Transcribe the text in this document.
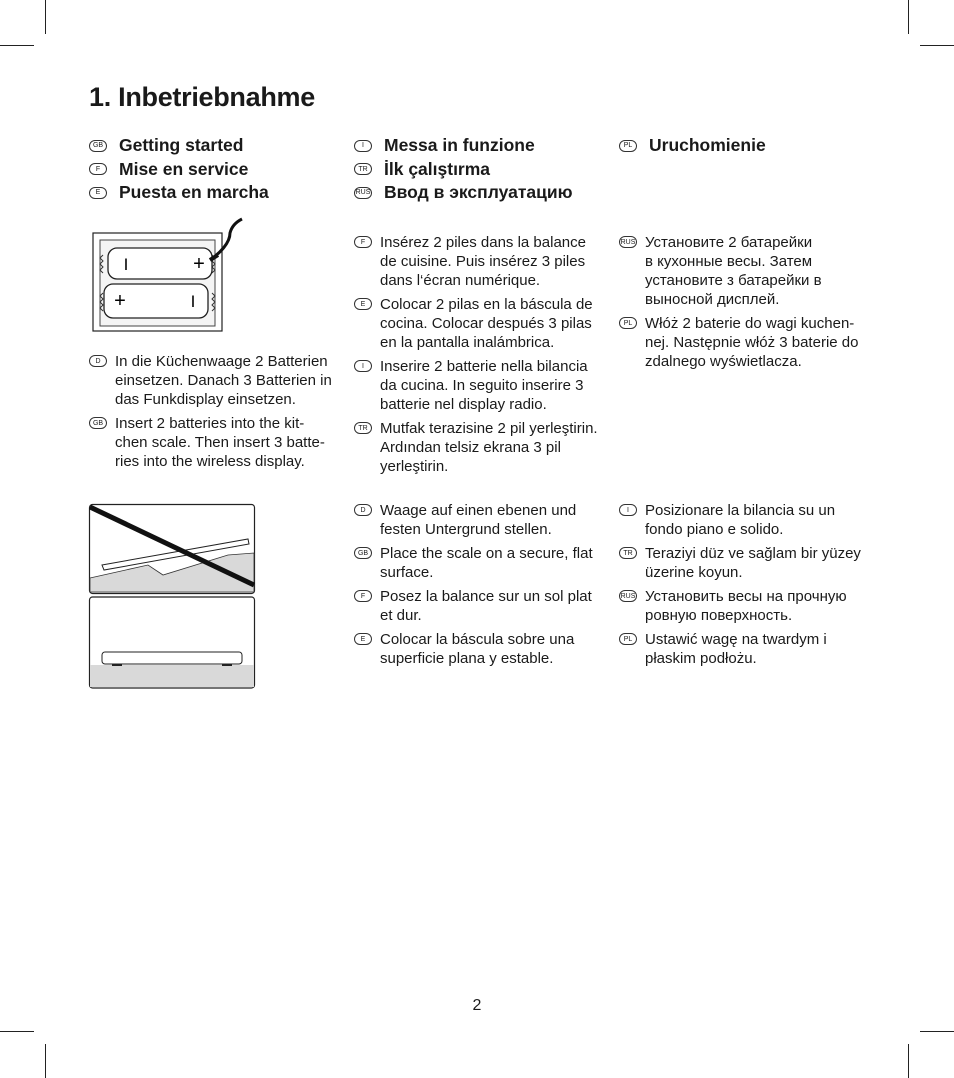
1. Inbetriebnahme
GB Getting started
F	Mise en service
E	Puesta en marcha
I	Messa in funzione
TR İlk çalıştırma
RUS Ввод в эксплуатацию
PL Uruchomienie
I	+
+	I
D In die Küchenwaage 2 Batterien
einsetzen. Danach 3 Batterien in
das Funkdisplay einsetzen.
GB Insert 2 batteries into the kit-
chen scale. Then insert 3 batte-
ries into the wireless display.
F Insérez 2 piles dans la balance
de cuisine. Puis insérez 3 piles
dans l‘écran numérique.
E Colocar 2 pilas en la báscula de
cocina. Colocar después 3 pilas
en la pantalla inalámbrica.
I	Inserire 2 batterie nella bilancia
da cucina. In seguito inserire 3
batterie nel display radio.
TR Mutfak terazisine 2 pil yerleştirin.
Ardından telsiz ekrana 3 pil
yerleştirin.
RUS Установите 2 батарейки
в кухонные весы. Затем
установите з батарейки в
выносной дисплей.
PL Włóż 2 baterie do wagi kuchen-
nej. Następnie włóż 3 baterie do
zdalnego wyświetlacza.
D Waage auf einen ebenen und
festen Untergrund stellen.
GB Place the scale on a secure, flat
surface.
F Posez la balance sur un sol plat
et dur.
E Colocar la báscula sobre una
superficie plana y estable.
I	Posizionare la bilancia su un
fondo piano e solido.
TR Teraziyi düz ve sağlam bir yüzey
üzerine koyun.
RUS Установить весы на прочную
ровную поверхность.
PL Ustawić wagę na twardym i
płaskim podłożu.
2
